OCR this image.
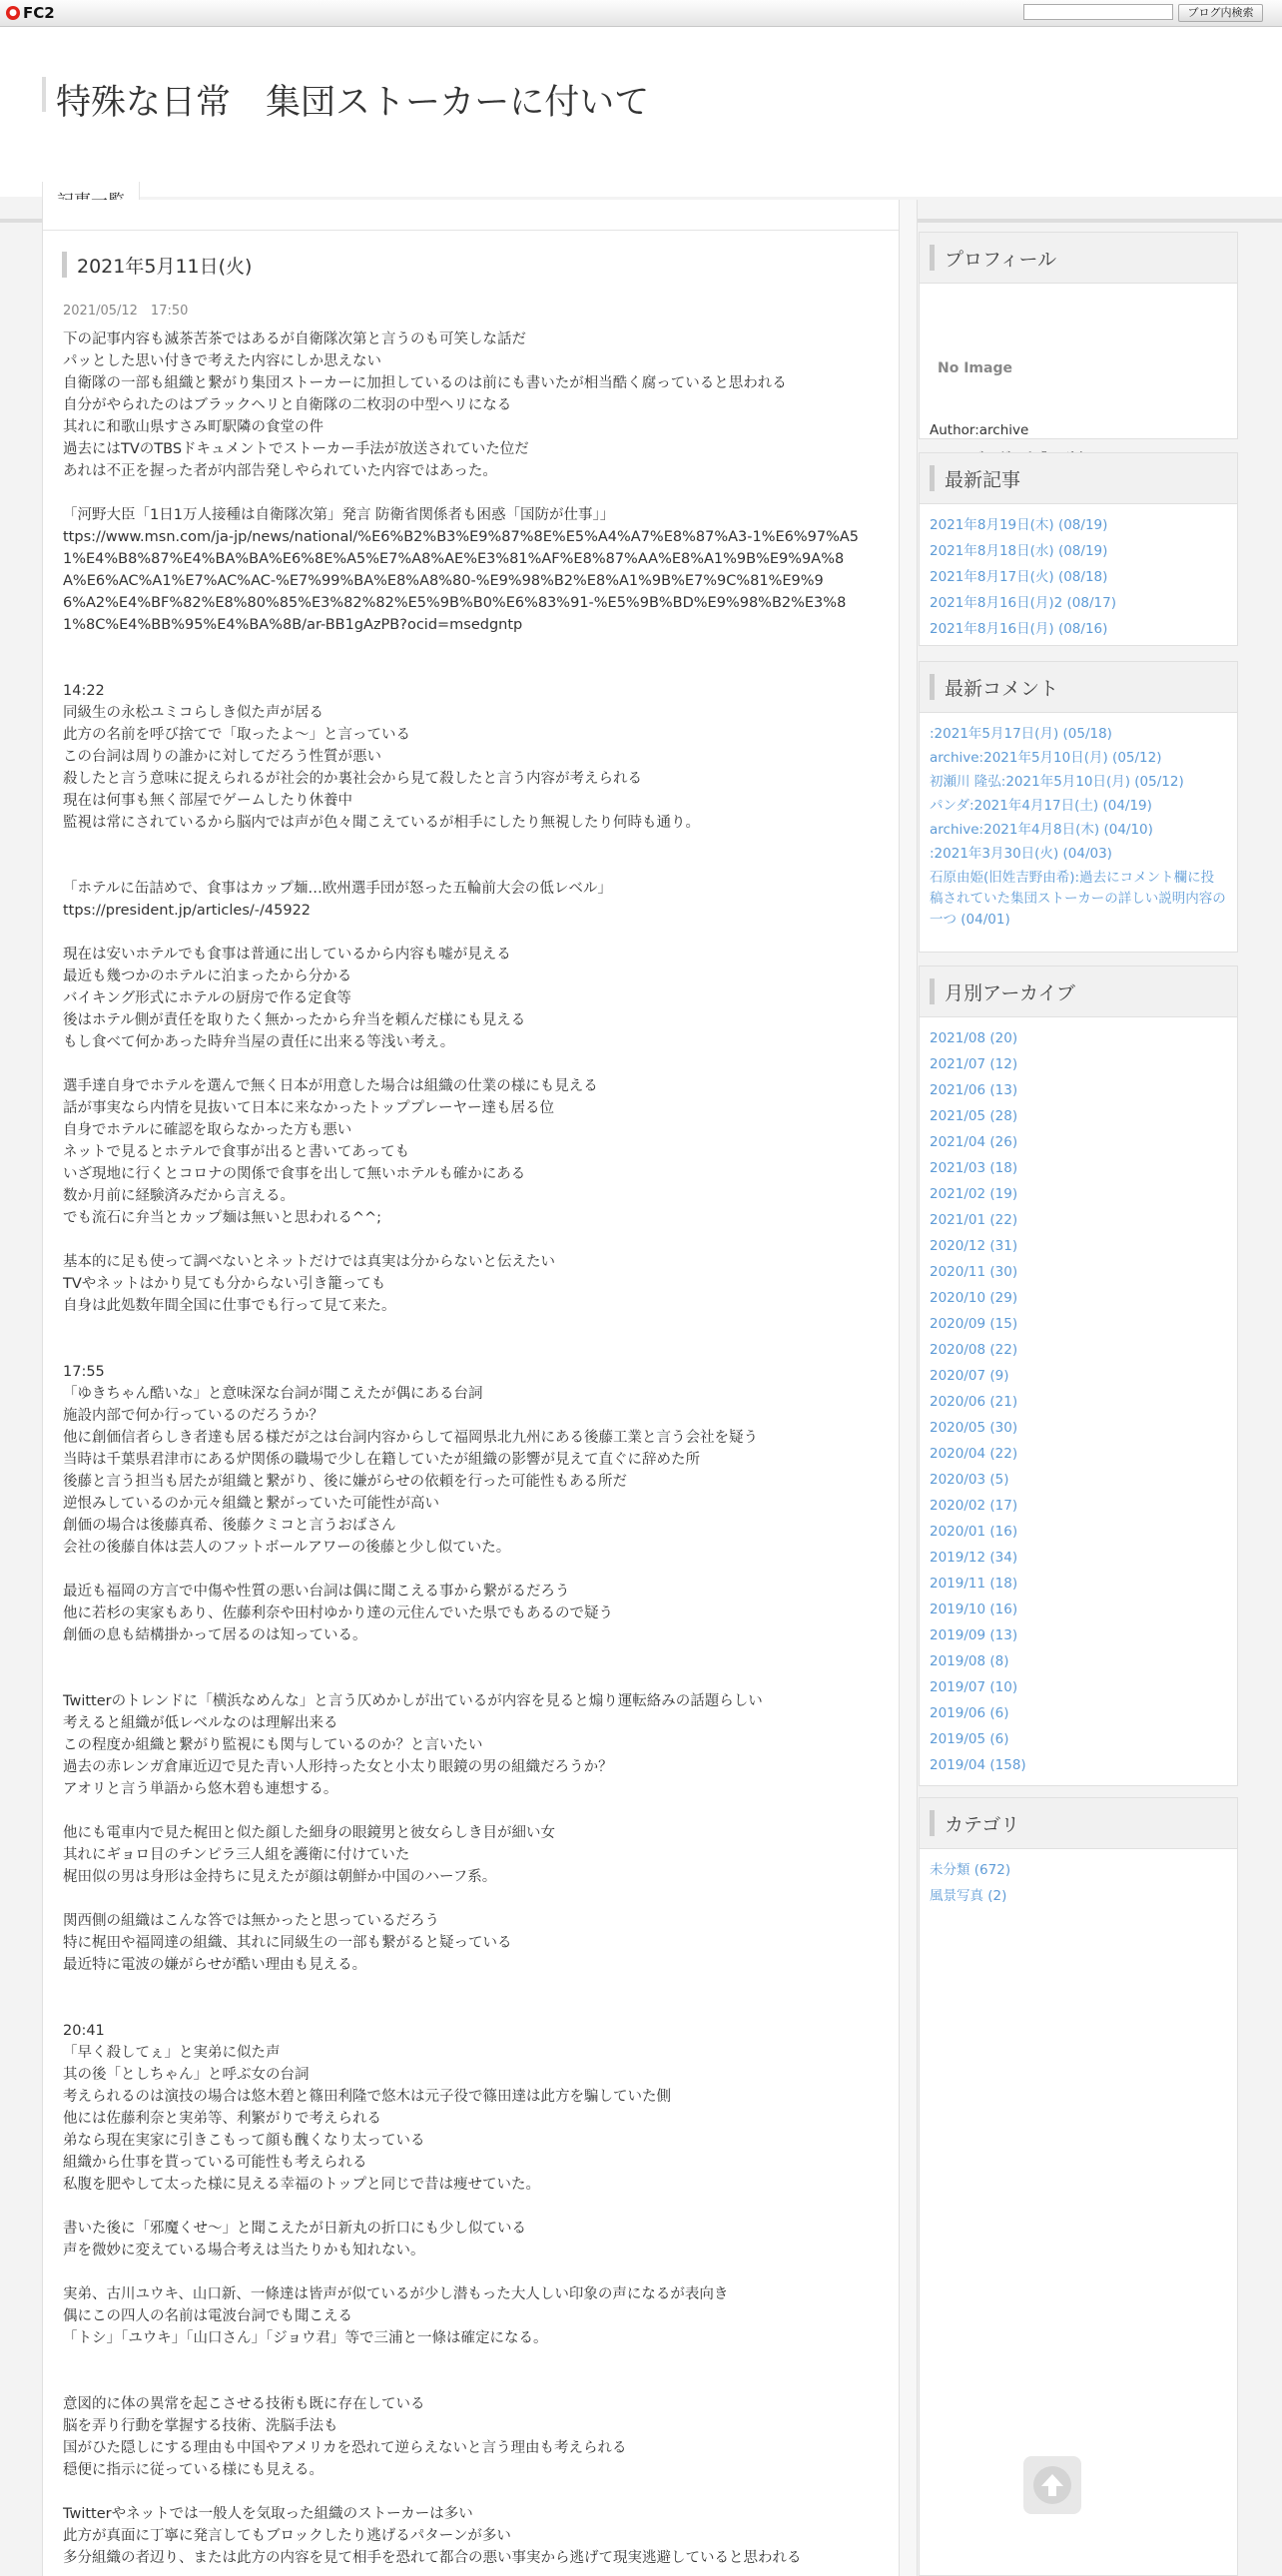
● FC2	ブログ内検索
特殊な日常　集団ストーカーに付いて
2021年5月11日(火)
2021/05/12　17:50
下の記事内容も滅茶苦茶ではあるが自衛隊次第と言うのも可笑しな話だ
パッとした思い付きで考えた内容にしか思えない
自衛隊の一部も組織と繋がり集団ストーカーに加担しているのは前にも書いたが相当酷く腐っていると思われる
自分がやられたのはブラックヘリと自衛隊の二枚羽の中型ヘリになる
其れに和歌山県すさみ町駅隣の食堂の件
過去にはTVのTBSドキュメントでストーカー手法が放送されていた位だ
あれは不正を握った者が内部告発しやられていた内容ではあった。
「河野大臣「1日1万人接種は自衛隊次第」発言 防衛省関係者も困惑「国防が仕事」」
ttps://www.msn.com/ja-jp/news/national/%E6%B2%B3%E9%87%8E%E5%A4%A7%E8%87%A3-1%E6%97%A5
1%E4%B8%87%E4%BA%BA%E6%8E%A5%E7%A8%AE%E3%81%AF%E8%87%AA%E8%A1%9B%E9%9A%8
A%E6%AC%A1%E7%AC%AC-%E7%99%BA%E8%A8%80-%E9%98%B2%E8%A1%9B%E7%9C%81%E9%9
6%A2%E4%BF%82%E8%80%85%E3%82%82%E5%9B%B0%E6%83%91-%E5%9B%BD%E9%98%B2%E3%8
1%8C%E4%BB%95%E4%BA%8B/ar-BB1gAzPB?ocid=msedgntp
14:22
同級生の永松ユミコらしき似た声が居る
此方の名前を呼び捨てで「取ったよ～」と言っている
この台詞は周りの誰かに対してだろう性質が悪い
殺したと言う意味に捉えられるが社会的か裏社会から見て殺したと言う内容が考えられる
現在は何事も無く部屋でゲームしたり休養中
監視は常にされているから脳内では声が色々聞こえているが相手にしたり無視したり何時も通り。
「ホテルに缶詰めで、食事はカップ麺…欧州選手団が怒った五輪前大会の低レベル」
ttps://president.jp/articles/-/45922
現在は安いホテルでも食事は普通に出しているから内容も嘘が見える
最近も幾つかのホテルに泊まったから分かる
バイキング形式にホテルの厨房で作る定食等
後はホテル側が責任を取りたく無かったから弁当を頼んだ様にも見える
もし食べて何かあった時弁当屋の責任に出来る等浅い考え。
選手達自身でホテルを選んで無く日本が用意した場合は組織の仕業の様にも見える
話が事実なら内情を見抜いて日本に来なかったトッププレーヤー達も居る位
自身でホテルに確認を取らなかった方も悪い
ネットで見るとホテルで食事が出ると書いてあっても
いざ現地に行くとコロナの関係で食事を出して無いホテルも確かにある
数か月前に経験済みだから言える。
でも流石に弁当とカップ麺は無いと思われる^^;
基本的に足も使って調べないとネットだけでは真実は分からないと伝えたい
TVやネットはかり見ても分からない引き籠っても
自身は此処数年間全国に仕事でも行って見て来た。
17:55
「ゆきちゃん酷いな」と意味深な台詞が聞こえたが偶にある台詞
施設内部で何か行っているのだろうか？
他に創価信者らしき者達も居る様だが之は台詞内容からして福岡県北九州にある後藤工業と言う会社を疑う
当時は千葉県君津市にある炉関係の職場で少し在籍していたが組織の影響が見えて直ぐに辞めた所
後藤と言う担当も居たが組織と繋がり、後に嫌がらせの依頼を行った可能性もある所だ
逆恨みしているのか元々組織と繋がっていた可能性が高い
創価の場合は後藤真希、後藤クミコと言うおばさん
会社の後藤自体は芸人のフットボールアワーの後藤と少し似ていた。
最近も福岡の方言で中傷や性質の悪い台詞は偶に聞こえる事から繋がるだろう
他に若杉の実家もあり、佐藤利奈や田村ゆかり達の元住んでいた県でもあるので疑う
創価の息も結構掛かって居るのは知っている。
Twitterのトレンドに「横浜なめんな」と言う仄めかしが出ているが内容を見ると煽り運転絡みの話題らしい
考えると組織が低レベルなのは理解出来る
この程度か組織と繋がり監視にも関与しているのか？と言いたい
過去の赤レンガ倉庫近辺で見た青い人形持った女と小太り眼鏡の男の組織だろうか？
アオリと言う単語から悠木碧も連想する。
他にも電車内で見た梶田と似た顔した細身の眼鏡男と彼女らしき目が細い女
其れにギョロ目のチンピラ三人組を護衛に付けていた
梶田似の男は身形は金持ちに見えたが顔は朝鮮か中国のハーフ系。
関西側の組織はこんな答では無かったと思っているだろう
特に梶田や福岡達の組織、其れに同級生の一部も繋がると疑っている
最近特に電波の嫌がらせが酷い理由も見える。
20:41
「早く殺してぇ」と実弟に似た声
其の後「としちゃん」と呼ぶ女の台詞
考えられるのは演技の場合は悠木碧と篠田利隆で悠木は元子役で篠田達は此方を騙していた側
他には佐藤利奈と実弟等、利繁がりで考えられる
弟なら現在実家に引きこもって顔も醜くなり太っている
組織から仕事を貰っている可能性も考えられる
私腹を肥やして太った様に見える幸福のトップと同じで昔は痩せていた。
書いた後に「邪魔くせ～」と聞こえたが日新丸の折口にも少し似ている
声を微妙に変えている場合考えは当たりかも知れない。
実弟、古川ユウキ、山口新、一條達は皆声が似ているが少し潜もった大人しい印象の声になるが表向き
偶にこの四人の名前は電波台詞でも聞こえる
「トシ」「ユウキ」「山口さん」「ジョウ君」等で三浦と一條は確定になる。
意図的に体の異常を起こさせる技術も既に存在している
脳を弄り行動を掌握する技術、洗脳手法も
国がひた隠しにする理由も中国やアメリカを恐れて逆らえないと言う理由も考えられる
穏便に指示に従っている様にも見える。
Twitterやネットでは一般人を気取った組織のストーカーは多い
此方が真面に丁寧に発言してもブロックしたり逃げるパターンが多い
多分組織の者辺り、または此方の内容を見て相手を恐れて都合の悪い事実から逃げて現実逃避していると思われる
プロフィール
No Image
Author:archive
最新記事
2021年8月19日(木) (08/19)
2021年8月18日(水) (08/19)
2021年8月17日(火) (08/18)
2021年8月16日(月)2 (08/17)
2021年8月16日(月) (08/16)
最新コメント
:2021年5月17日(月) (05/18)
archive:2021年5月10日(月) (05/12)
初瀬川 隆弘:2021年5月10日(月) (05/12)
パンダ:2021年4月17日(土) (04/19)
archive:2021年4月8日(木) (04/10)
:2021年3月30日(火) (04/03)
石原由姫(旧姓吉野由希):過去にコメント欄に投稿されていた集団ストーカーの詳しい説明内容の一つ (04/01)
月別アーカイブ
2021/08 (20)
2021/07 (12)
2021/06 (13)
2021/05 (28)
2021/04 (26)
2021/03 (18)
2021/02 (19)
2021/01 (22)
2020/12 (31)
2020/11 (30)
2020/10 (29)
2020/09 (15)
2020/08 (22)
2020/07 (9)
2020/06 (21)
2020/05 (30)
2020/04 (22)
2020/03 (5)
2020/02 (17)
2020/01 (16)
2019/12 (34)
2019/11 (18)
2019/10 (16)
2019/09 (13)
2019/08 (8)
2019/07 (10)
2019/06 (6)
2019/05 (6)
2019/04 (158)
カテゴリ
未分類 (672)
風景写真 (2)
